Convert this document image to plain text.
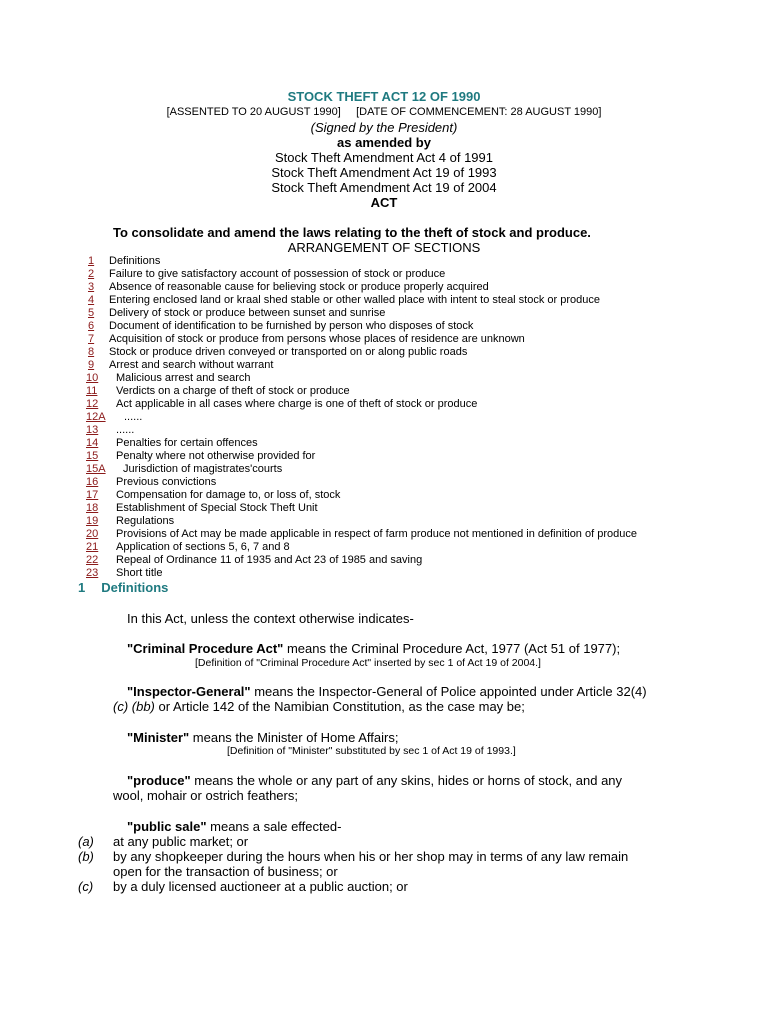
STOCK THEFT ACT 12 OF 1990
[ASSENTED TO 20 AUGUST 1990]     [DATE OF COMMENCEMENT: 28 AUGUST 1990]
(Signed by the President)
as amended by
Stock Theft Amendment Act 4 of 1991
Stock Theft Amendment Act 19 of 1993
Stock Theft Amendment Act 19 of 2004
ACT
To consolidate and amend the laws relating to the theft of stock and produce.
ARRANGEMENT OF SECTIONS
1 Definitions
2 Failure to give satisfactory account of possession of stock or produce
3 Absence of reasonable cause for believing stock or produce properly acquired
4 Entering enclosed land or kraal shed stable or other walled place with intent to steal stock or produce
5 Delivery of stock or produce between sunset and sunrise
6 Document of identification to be furnished by person who disposes of stock
7 Acquisition of stock or produce from persons whose places of residence are unknown
8 Stock or produce driven conveyed or transported on or along public roads
9 Arrest and search without warrant
10 Malicious arrest and search
11 Verdicts on a charge of theft of stock or produce
12 Act applicable in all cases where charge is one of theft of stock or produce
12A ......
13 ......
14 Penalties for certain offences
15 Penalty where not otherwise provided for
15A Jurisdiction of magistrates'courts
16 Previous convictions
17 Compensation for damage to, or loss of, stock
18 Establishment of Special Stock Theft Unit
19 Regulations
20 Provisions of Act may be made applicable in respect of farm produce not mentioned in definition of produce
21 Application of sections 5, 6, 7 and 8
22 Repeal of Ordinance 11 of 1935 and Act 23 of 1985 and saving
23 Short title
1 Definitions
In this Act, unless the context otherwise indicates-
"Criminal Procedure Act" means the Criminal Procedure Act, 1977 (Act 51 of 1977);
[Definition of "Criminal Procedure Act" inserted by sec 1 of Act 19 of 2004.]
"Inspector-General" means the Inspector-General of Police appointed under Article 32(4)
(c) (bb) or Article 142 of the Namibian Constitution, as the case may be;
"Minister" means the Minister of Home Affairs;
[Definition of "Minister" substituted by sec 1 of Act 19 of 1993.]
"produce" means the whole or any part of any skins, hides or horns of stock, and any
wool, mohair or ostrich feathers;
"public sale" means a sale effected-
(a) at any public market; or
(b) by any shopkeeper during the hours when his or her shop may in terms of any law remain
open for the transaction of business; or
(c) by a duly licensed auctioneer at a public auction; or
